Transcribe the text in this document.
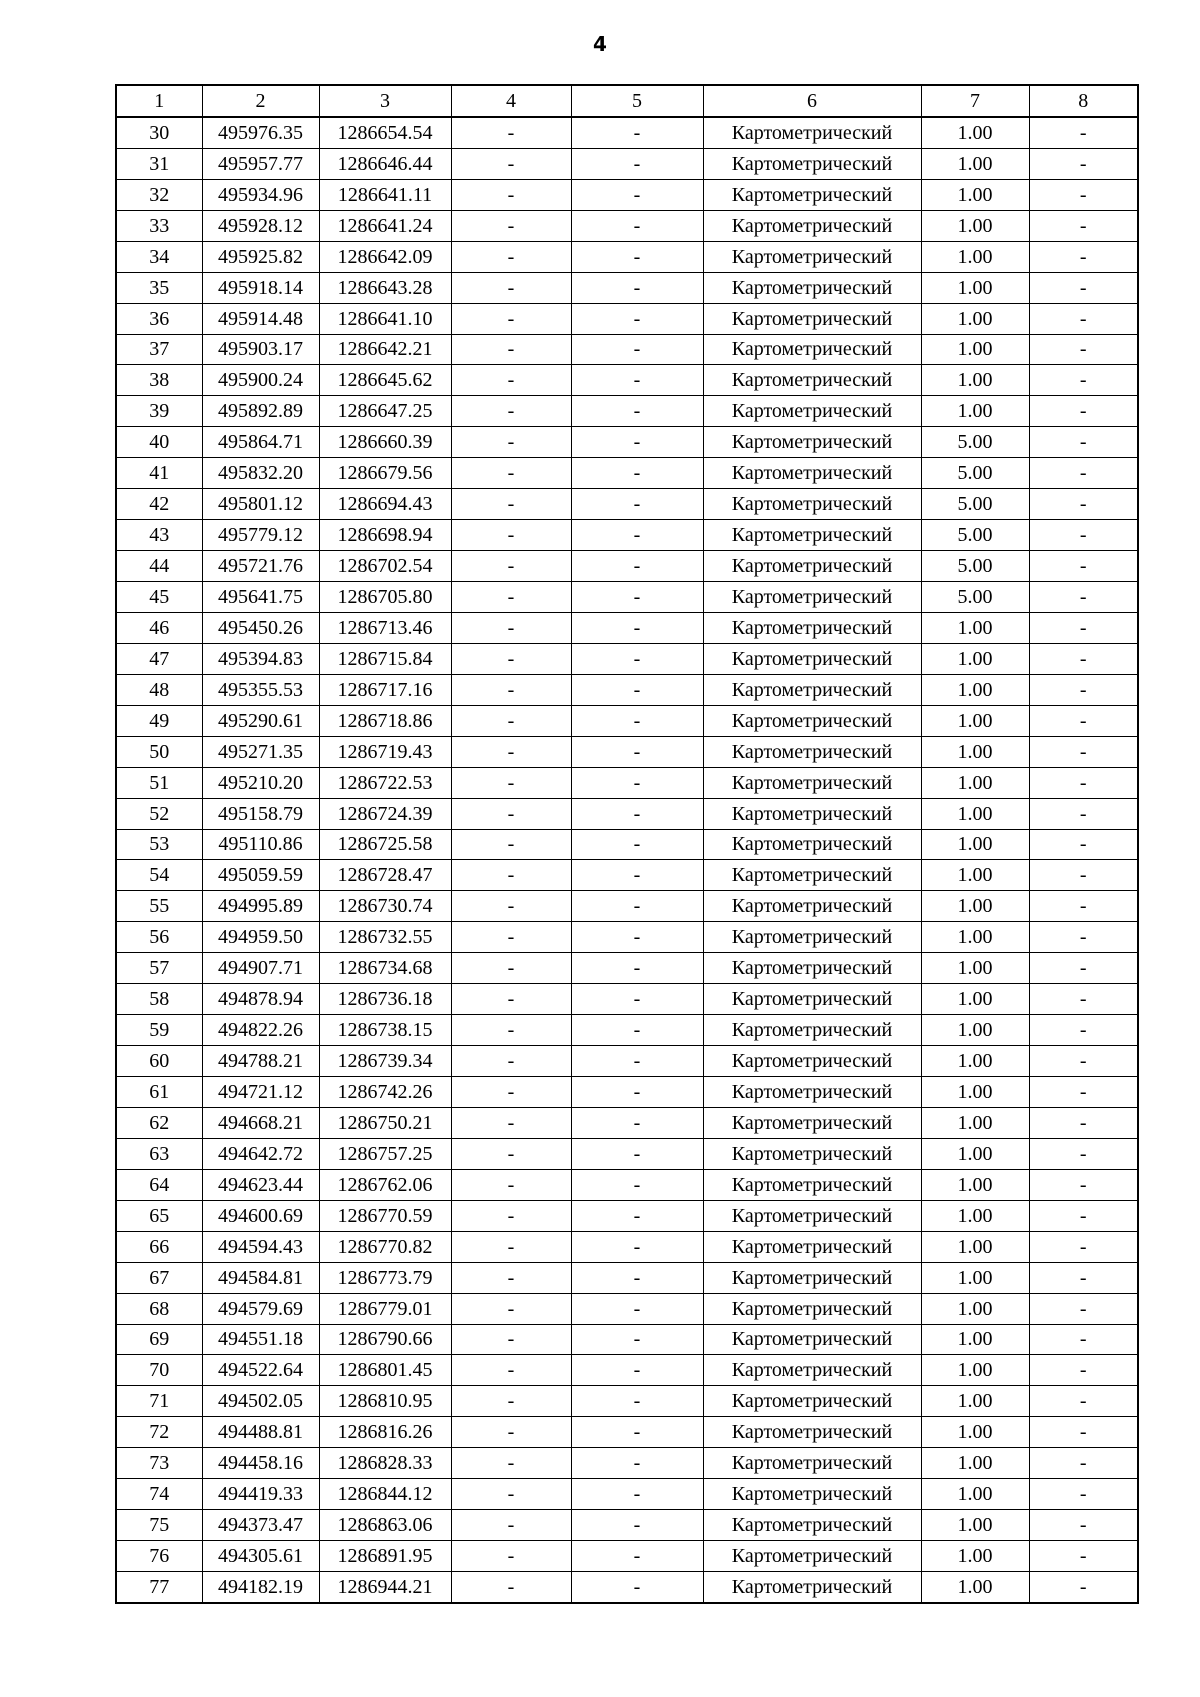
4
1	2	3	4	5	6	7	8
30	495976.35	1286654.54	-	-	Картометрический	1.00	-
31	495957.77	1286646.44	-	-	Картометрический	1.00	-
32	495934.96	1286641.11	-	-	Картометрический	1.00	-
33	495928.12	1286641.24	-	-	Картометрический	1.00	-
34	495925.82	1286642.09	-	-	Картометрический	1.00	-
35	495918.14	1286643.28	-	-	Картометрический	1.00	-
36	495914.48	1286641.10	-	-	Картометрический	1.00	-
37	495903.17	1286642.21	-	-	Картометрический	1.00	-
38	495900.24	1286645.62	-	-	Картометрический	1.00	-
39	495892.89	1286647.25	-	-	Картометрический	1.00	-
40	495864.71	1286660.39	-	-	Картометрический	5.00	-
41	495832.20	1286679.56	-	-	Картометрический	5.00	-
42	495801.12	1286694.43	-	-	Картометрический	5.00	-
43	495779.12	1286698.94	-	-	Картометрический	5.00	-
44	495721.76	1286702.54	-	-	Картометрический	5.00	-
45	495641.75	1286705.80	-	-	Картометрический	5.00	-
46	495450.26	1286713.46	-	-	Картометрический	1.00	-
47	495394.83	1286715.84	-	-	Картометрический	1.00	-
48	495355.53	1286717.16	-	-	Картометрический	1.00	-
49	495290.61	1286718.86	-	-	Картометрический	1.00	-
50	495271.35	1286719.43	-	-	Картометрический	1.00	-
51	495210.20	1286722.53	-	-	Картометрический	1.00	-
52	495158.79	1286724.39	-	-	Картометрический	1.00	-
53	495110.86	1286725.58	-	-	Картометрический	1.00	-
54	495059.59	1286728.47	-	-	Картометрический	1.00	-
55	494995.89	1286730.74	-	-	Картометрический	1.00	-
56	494959.50	1286732.55	-	-	Картометрический	1.00	-
57	494907.71	1286734.68	-	-	Картометрический	1.00	-
58	494878.94	1286736.18	-	-	Картометрический	1.00	-
59	494822.26	1286738.15	-	-	Картометрический	1.00	-
60	494788.21	1286739.34	-	-	Картометрический	1.00	-
61	494721.12	1286742.26	-	-	Картометрический	1.00	-
62	494668.21	1286750.21	-	-	Картометрический	1.00	-
63	494642.72	1286757.25	-	-	Картометрический	1.00	-
64	494623.44	1286762.06	-	-	Картометрический	1.00	-
65	494600.69	1286770.59	-	-	Картометрический	1.00	-
66	494594.43	1286770.82	-	-	Картометрический	1.00	-
67	494584.81	1286773.79	-	-	Картометрический	1.00	-
68	494579.69	1286779.01	-	-	Картометрический	1.00	-
69	494551.18	1286790.66	-	-	Картометрический	1.00	-
70	494522.64	1286801.45	-	-	Картометрический	1.00	-
71	494502.05	1286810.95	-	-	Картометрический	1.00	-
72	494488.81	1286816.26	-	-	Картометрический	1.00	-
73	494458.16	1286828.33	-	-	Картометрический	1.00	-
74	494419.33	1286844.12	-	-	Картометрический	1.00	-
75	494373.47	1286863.06	-	-	Картометрический	1.00	-
76	494305.61	1286891.95	-	-	Картометрический	1.00	-
77	494182.19	1286944.21	-	-	Картометрический	1.00	-
